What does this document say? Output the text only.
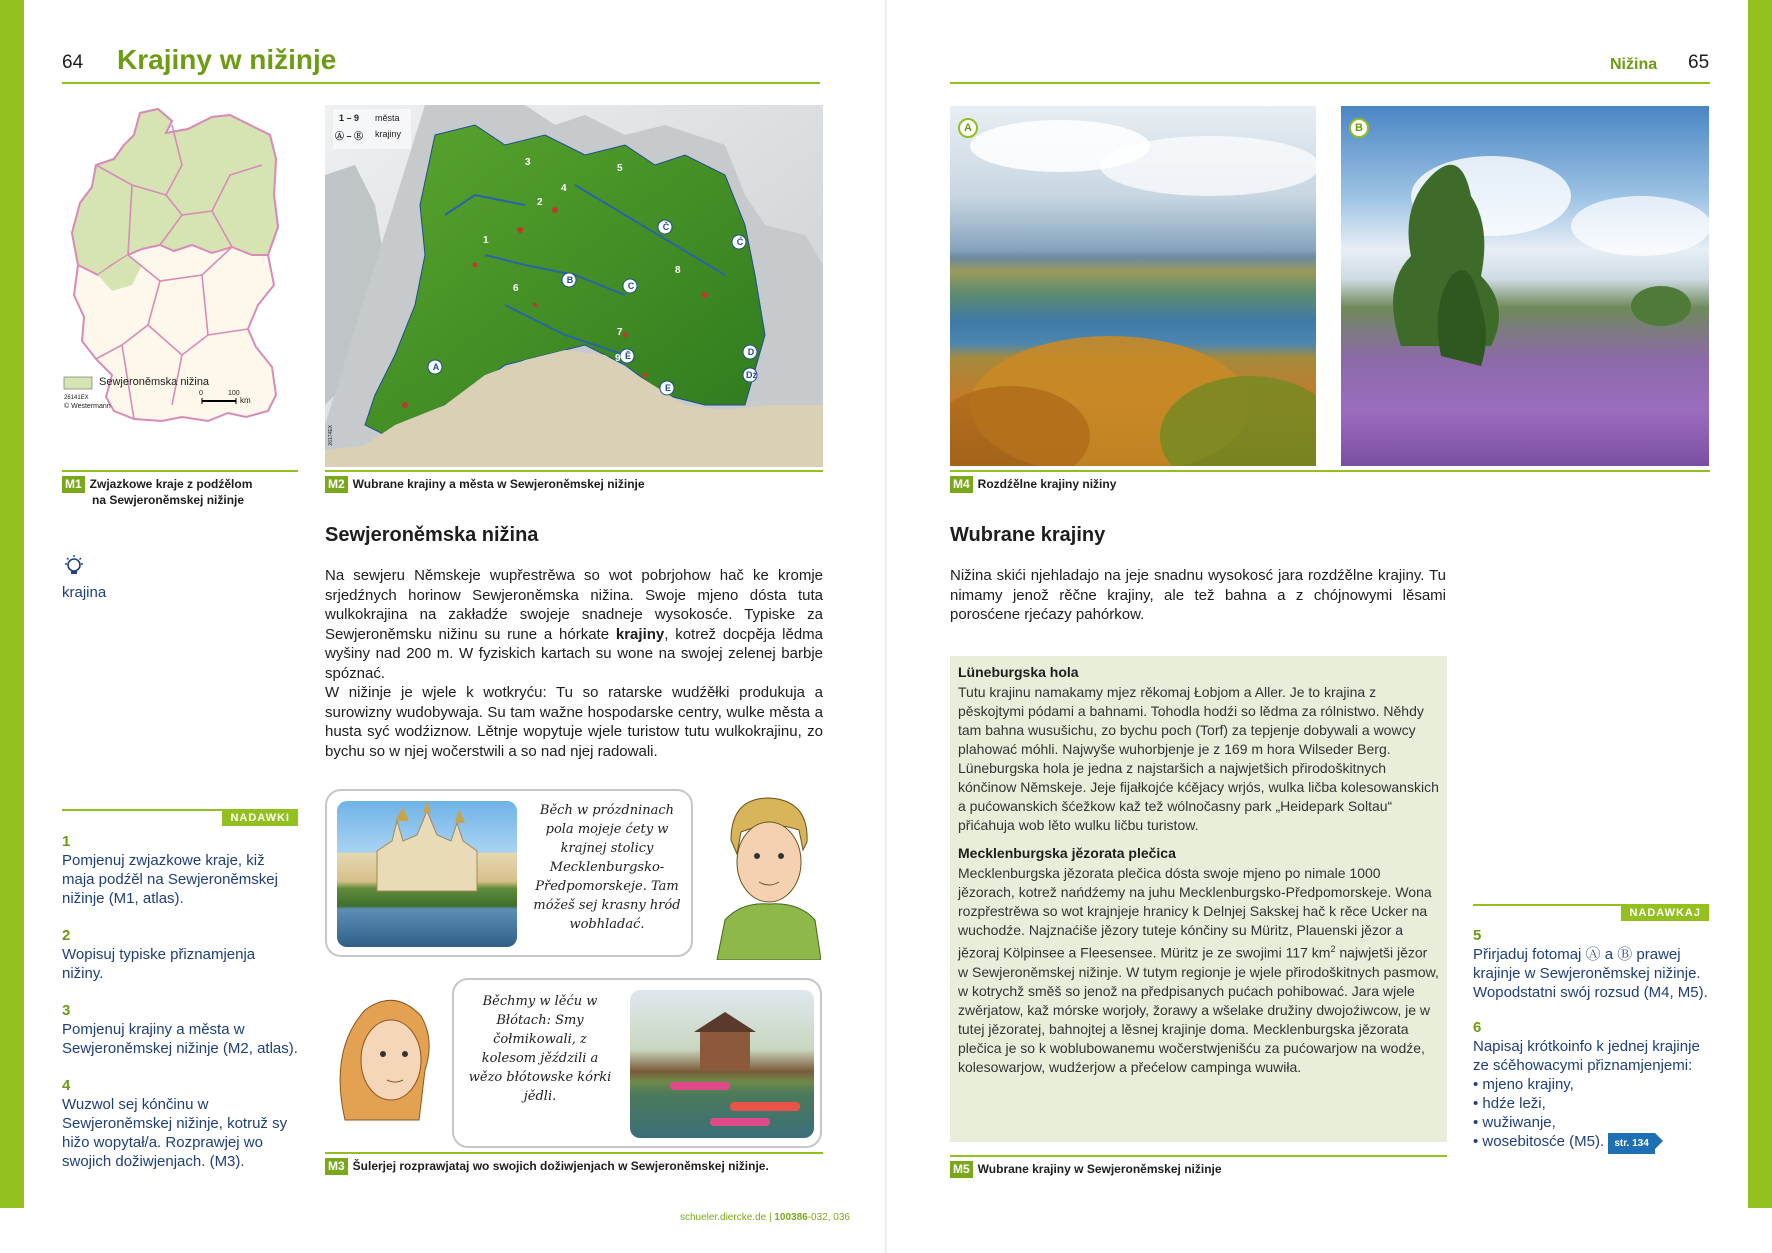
64 Krajiny w nižinje
Sewjeroněmska nižina
26141EX
© Westermann
0	100
km
M1 Zwjazkowe kraje z podźělom
na Sewjeroněmskej nižinje
1 – 9 města
Ⓐ – Ⓔ krajiny
26174EX
1
2
3
4
5
6
7
8
9
A
B
C
Č
Ć
D
Dź
E
Ě
M2 Wubrane krajiny a města w Sewjeroněmskej nižinje
krajina
Sewjeroněmska nižina

Na sewjeru Němskeje wupřestrěwa so wot pobrjohow hač ke kromje srjedźnych horinow Sewjeroněmska nižina. Swoje mjeno dósta tuta wulkokrajina na zakładźe swojeje snadneje wysokosće. Typiske za Sewjeroněmsku nižinu su rune a hórkate krajiny, kotrež docpěja lědma wyšiny nad 200 m. W fyziskich kartach su wone na swojej zelenej barbje spóznać.

W nižinje je wjele k wotkryću: Tu so ratarske wudźěłki produkuja a surowizny wudobywaja. Su tam wažne hospodarske centry, wulke města a husta syć wodźiznow. Lětnje wopytuje wjele turistow tutu wulkokrajinu, zo bychu so w njej wočerstwili a so nad njej radowali.

NADAWKI
1
Pomjenuj zwjazkowe kraje, kiž maja podźěl na Sewjeroněmskej nižinje (M1, atlas).
2
Wopisuj typiske přiznamjenja nižiny.
3
Pomjenuj krajiny a města w Sewjeroněmskej nižinje (M2, atlas).
4
Wuzwol sej kónčinu w Sewjeroněmskej nižinje, kotruž sy hižo wopytał/a. Rozprawjej wo swojich dožiwjenjach. (M3).
Běch w prózdninach pola mojeje ćety w krajnej stolicy Mecklenburgsko-Předpomorskeje. Tam móžeš sej krasny hród wobhladać.
Běchmy w lěću w Błótach: Smy čołmikowali, z kolesom jěździli a wězo błótowske kórki jědli.
M3 Šulerjej rozprawjataj wo swojich dožiwjenjach w Sewjeroněmskej nižinje.
schueler.diercke.de | 100386-032, 036
Nižina 65
A	B
M4 Rozdźělne krajiny nižiny
Wubrane krajiny
Nižina skići njehladajo na jeje snadnu wysokosć jara rozdźělne krajiny. Tu nimamy jenož rěčne krajiny, ale tež bahna a z chójnowymi lěsami porosćene rjećazy pahórkow.
Lüneburgska hola

Tutu krajinu namakamy mjez rěkomaj Łobjom a Aller. Je to krajina z pěskojtymi pódami a bahnami. Tohodla hodźi so lědma za rólnistwo. Něhdy tam bahna wusušichu, zo bychu poch (Torf) za tepjenje dobywali a wowcy plahować móhli. Najwyše wuhorbjenje je z 169 m hora Wilseder Berg. Lüneburgska hola je jedna z najstaršich a najwjetšich přirodoškitnych kónčinow Němskeje. Jeje fijałkojće kćějacy wrjós, wulka ličba kolesowanskich a pućowanskich šćežkow kaž tež wólnočasny park „Heidepark Soltau“ přićahuja wob lěto wulku ličbu turistow.

Mecklenburgska jězorata plečica

Mecklenburgska jězorata plečica dósta swoje mjeno po nimale 1000 jězorach, kotrež nańdźemy na juhu Mecklenburgsko-Předpomorskeje. Wona rozpřestrěwa so wot krajnjeje hranicy k Delnjej Sakskej hač k rěce Ucker na wuchodźe. Najznaćiše jězory tuteje kónčiny su Müritz, Plauenski jězor a jězoraj Kölpinsee a Fleesensee. Müritz je ze swojimi 117 $km^2$ najwjetši jězor w Sewjeroněmskej nižinje. W tutym regionje je wjele přirodoškitnych pasmow, w kotrychž směš so jenož na předpisanych pućach pohibować. Jara wjele zwěrjatow, kaž mórske worjoły, žorawy a wšelake družiny dwojoźiwcow, je w tutej jězoratej, bahnojtej a lěsnej krajinje doma. Mecklenburgska jězorata plečica je so k woblubowanemu wočerstwjenišću za pućowarjow na wodźe, kolesowarjow, wudźerjow a přećelow campinga wuwiła.

M5 Wubrane krajiny w Sewjeroněmskej nižinje
NADAWKAJ
5
Přirjaduj fotomaj Ⓐ a Ⓑ prawej krajinje w Sewjeroněmskej nižinje. Wopodstatni swój rozsud (M4, M5).
6
Napisaj krótkoinfo k jednej krajinje ze sćěhowacymi přiznamjenjemi:
• mjeno krajiny,
• hdźe leži,
• wužiwanje,
• wosebitosće (M5). str. 134
